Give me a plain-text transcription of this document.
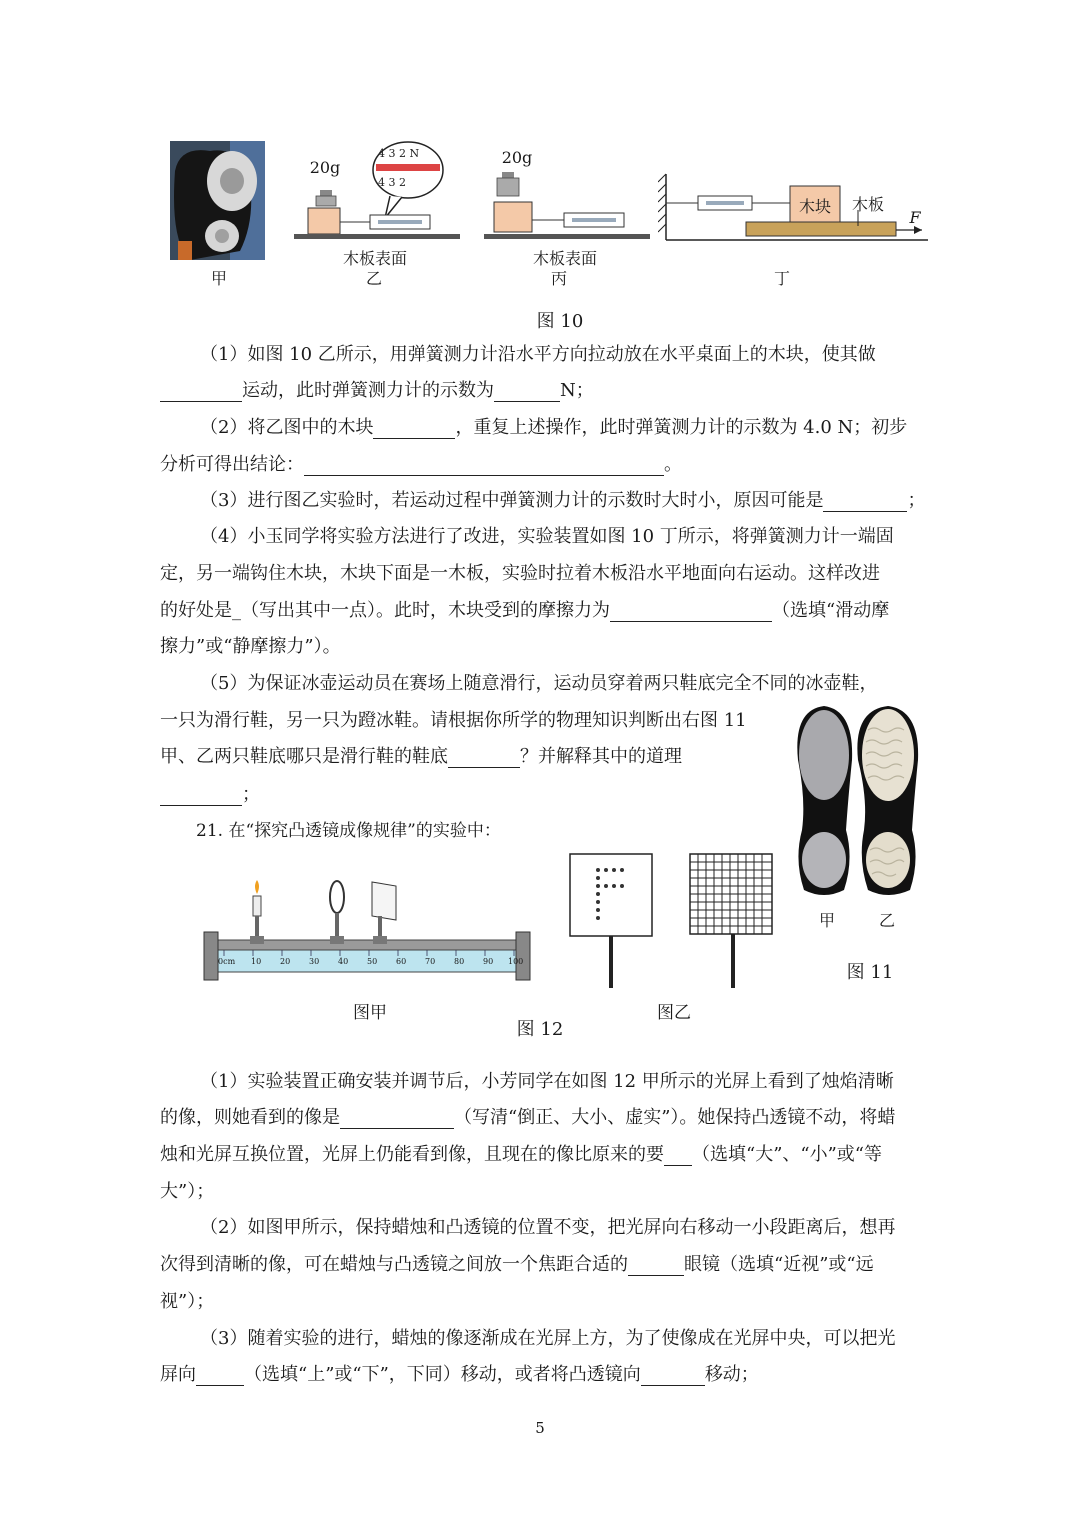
甲
4 3 2 N
4 3 2
木板表面
20g
乙
20g
木板表面
丙
木块	木板
F
丁
图 10
（1）如图 10 乙所示，用弹簧测力计沿水平方向拉动放在水平桌面上的木块，使其做
运动，此时弹簧测力计的示数为	N；
（2）将乙图中的木块	，重复上述操作，此时弹簧测力计的示数为 4.0 N；初步
分析可得出结论：	。
（3）进行图乙实验时，若运动过程中弹簧测力计的示数时大时小，原因可能是	；
（4）小玉同学将实验方法进行了改进，实验装置如图 10 丁所示，将弹簧测力计一端固
定，另一端钩住木块，木块下面是一木板，实验时拉着木板沿水平地面向右运动。这样改进
的好处是_（写出其中一点）。此时，木块受到的摩擦力为	（选填“滑动摩
擦力”或“静摩擦力”）。
（5）为保证冰壶运动员在赛场上随意滑行，运动员穿着两只鞋底完全不同的冰壶鞋，
一只为滑行鞋，另一只为蹬冰鞋。请根据你所学的物理知识判断出右图 11
甲、乙两只鞋底哪只是滑行鞋的鞋底	？并解释其中的道理
；
甲	乙
图 11
21. 在“探究凸透镜成像规律”的实验中：
0cm 10 20 30 40 50 60 70 80 90 100
图甲	图乙
图 12
（1）实验装置正确安装并调节后，小芳同学在如图 12 甲所示的光屏上看到了烛焰清晰
的像，则她看到的像是	（写清“倒正、大小、虚实”）。她保持凸透镜不动，将蜡
烛和光屏互换位置，光屏上仍能看到像，且现在的像比原来的要 （选填“大”、“小”或“等
大”）；
（2）如图甲所示，保持蜡烛和凸透镜的位置不变，把光屏向右移动一小段距离后，想再
次得到清晰的像，可在蜡烛与凸透镜之间放一个焦距合适的	眼镜（选填“近视”或“远
视”）；
（3）随着实验的进行，蜡烛的像逐渐成在光屏上方，为了使像成在光屏中央，可以把光
屏向	（选填“上”或“下”，下同）移动，或者将凸透镜向	移动；
5
